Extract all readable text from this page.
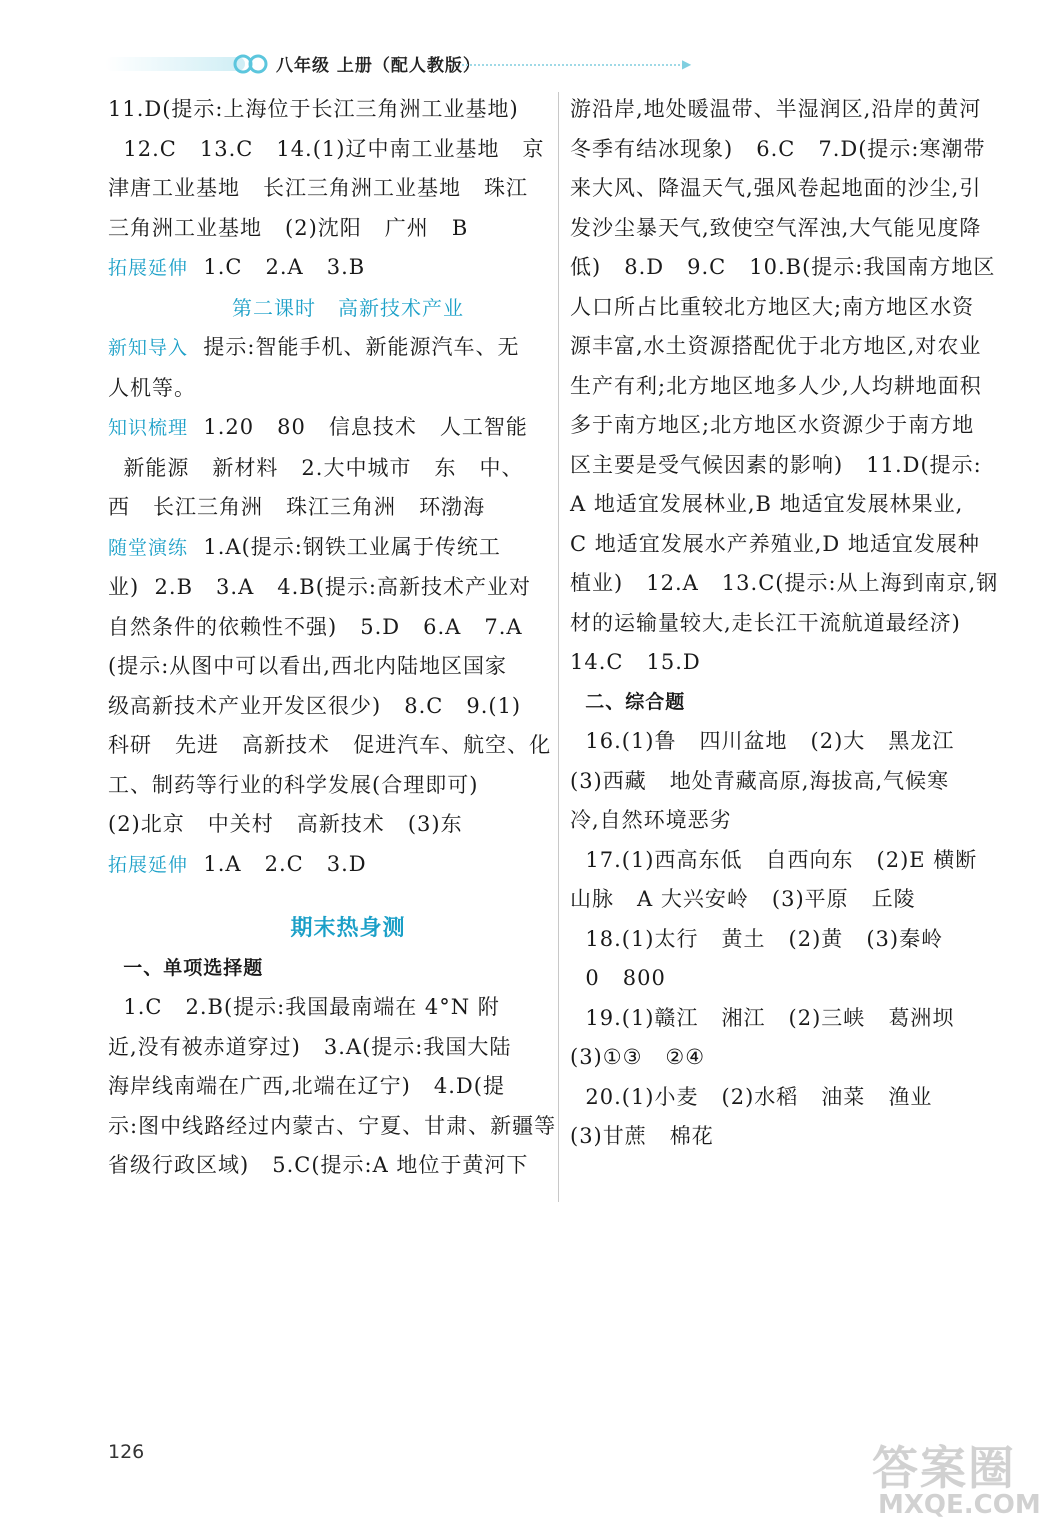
八年级 上册（配人教版）	▶
11.D(提示:上海位于长江三角洲工业基地)
12.C   13.C   14.(1)辽中南工业基地   京
津唐工业基地   长江三角洲工业基地   珠江
三角洲工业基地   (2)沈阳   广州   B
拓展延伸  1.C   2.A   3.B
第二课时   高新技术产业
新知导入  提示:智能手机、新能源汽车、无
人机等。
知识梳理  1.20   80   信息技术   人工智能
新能源   新材料   2.大中城市   东   中、
西   长江三角洲   珠江三角洲   环渤海
随堂演练  1.A(提示:钢铁工业属于传统工
业)  2.B   3.A   4.B(提示:高新技术产业对
自然条件的依赖性不强)   5.D   6.A   7.A
(提示:从图中可以看出,西北内陆地区国家
级高新技术产业开发区很少)   8.C   9.(1)
科研   先进   高新技术   促进汽车、航空、化
工、制药等行业的科学发展(合理即可)
(2)北京   中关村   高新技术   (3)东
拓展延伸  1.A   2.C   3.D
期末热身测
一、单项选择题
1.C   2.B(提示:我国最南端在 4°N 附
近,没有被赤道穿过)   3.A(提示:我国大陆
海岸线南端在广西,北端在辽宁)   4.D(提
示:图中线路经过内蒙古、宁夏、甘肃、新疆等
省级行政区域)   5.C(提示:A 地位于黄河下
游沿岸,地处暖温带、半湿润区,沿岸的黄河
冬季有结冰现象)   6.C   7.D(提示:寒潮带
来大风、降温天气,强风卷起地面的沙尘,引
发沙尘暴天气,致使空气浑浊,大气能见度降
低)   8.D   9.C   10.B(提示:我国南方地区
人口所占比重较北方地区大;南方地区水资
源丰富,水土资源搭配优于北方地区,对农业
生产有利;北方地区地多人少,人均耕地面积
多于南方地区;北方地区水资源少于南方地
区主要是受气候因素的影响)   11.D(提示:
A 地适宜发展林业,B 地适宜发展林果业,
C 地适宜发展水产养殖业,D 地适宜发展种
植业)   12.A   13.C(提示:从上海到南京,钢
材的运输量较大,走长江干流航道最经济)
14.C   15.D
二、综合题
16.(1)鲁   四川盆地   (2)大   黑龙江
(3)西藏   地处青藏高原,海拔高,气候寒
冷,自然环境恶劣
17.(1)西高东低   自西向东   (2)E 横断
山脉   A 大兴安岭   (3)平原   丘陵
18.(1)太行   黄土   (2)黄   (3)秦岭
0   800
19.(1)赣江   湘江   (2)三峡   葛洲坝
(3)①③   ②④
20.(1)小麦   (2)水稻   油菜   渔业
(3)甘蔗   棉花
126	答案圈
MXQE.COM
